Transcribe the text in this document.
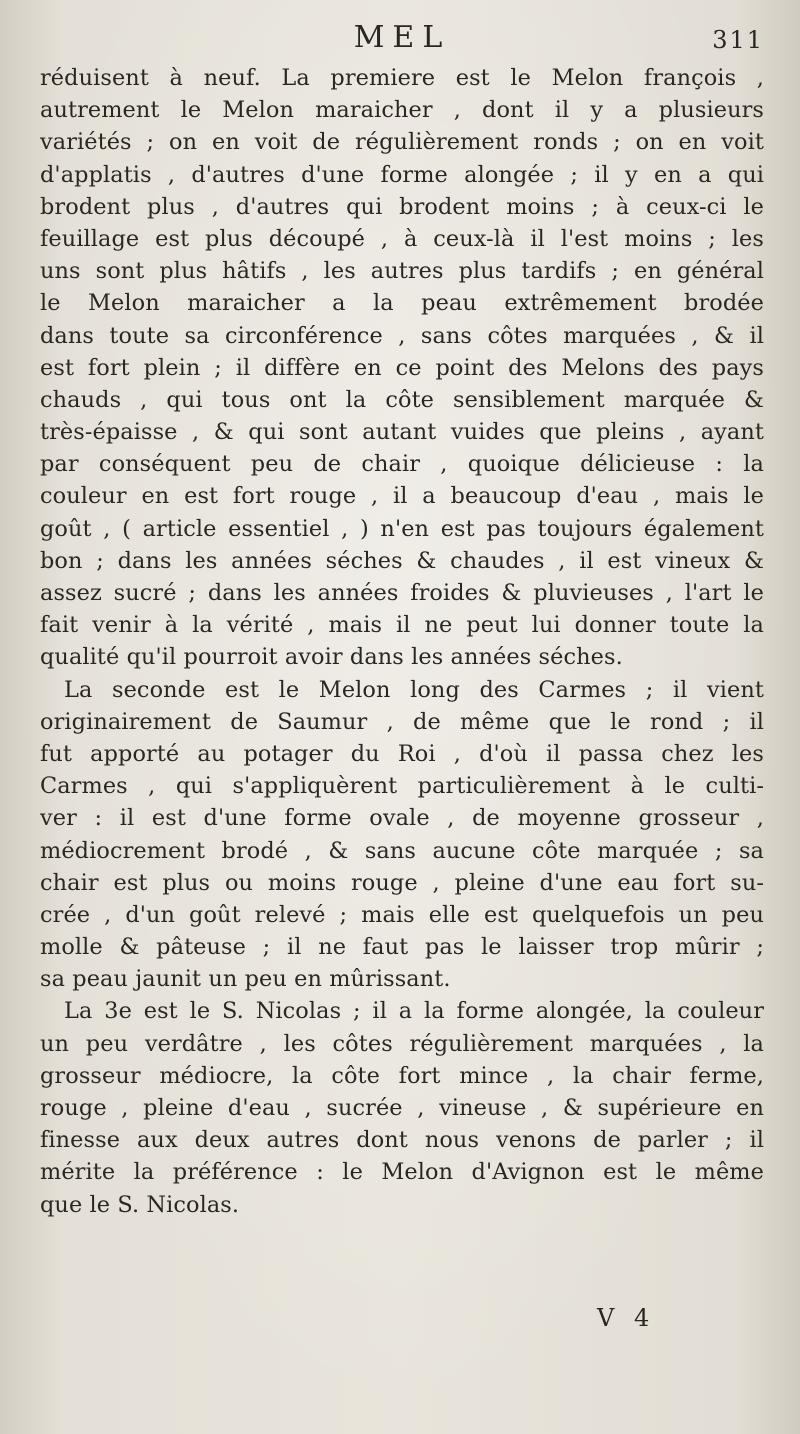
MEL	311
réduisent à neuf. La premiere est le Melon françois ,
autrement le Melon maraicher , dont il y a plusieurs
variétés ; on en voit de régulièrement ronds ; on en voit
d'applatis , d'autres d'une forme alongée ; il y en a qui
brodent plus , d'autres qui brodent moins ; à ceux-ci le
feuillage est plus découpé , à ceux-là il l'est moins ; les
uns sont plus hâtifs , les autres plus tardifs ; en général
le Melon maraicher a la peau extrêmement brodée
dans toute sa circonférence , sans côtes marquées , & il
est fort plein ; il diffère en ce point des Melons des pays
chauds , qui tous ont la côte sensiblement marquée &
très-épaisse , & qui sont autant vuides que pleins , ayant
par conséquent peu de chair , quoique délicieuse : la
couleur en est fort rouge , il a beaucoup d'eau , mais le
goût , ( article essentiel , ) n'en est pas toujours également
bon ; dans les années séches & chaudes , il est vineux &
assez sucré ; dans les années froides & pluvieuses , l'art le
fait venir à la vérité , mais il ne peut lui donner toute la
qualité qu'il pourroit avoir dans les années séches.
La seconde est le Melon long des Carmes ; il vient
originairement de Saumur , de même que le rond ; il
fut apporté au potager du Roi , d'où il passa chez les
Carmes , qui s'appliquèrent particulièrement à le culti-
ver : il est d'une forme ovale , de moyenne grosseur ,
médiocrement brodé , & sans aucune côte marquée ; sa
chair est plus ou moins rouge , pleine d'une eau fort su-
crée , d'un goût relevé ; mais elle est quelquefois un peu
molle & pâteuse ; il ne faut pas le laisser trop mûrir ;
sa peau jaunit un peu en mûrissant.
La 3e est le S. Nicolas ; il a la forme alongée, la couleur
un peu verdâtre , les côtes régulièrement marquées , la
grosseur médiocre, la côte fort mince , la chair ferme,
rouge , pleine d'eau , sucrée , vineuse , & supérieure en
finesse aux deux autres dont nous venons de parler ; il
mérite la préférence : le Melon d'Avignon est le même
que le S. Nicolas.
V 4
